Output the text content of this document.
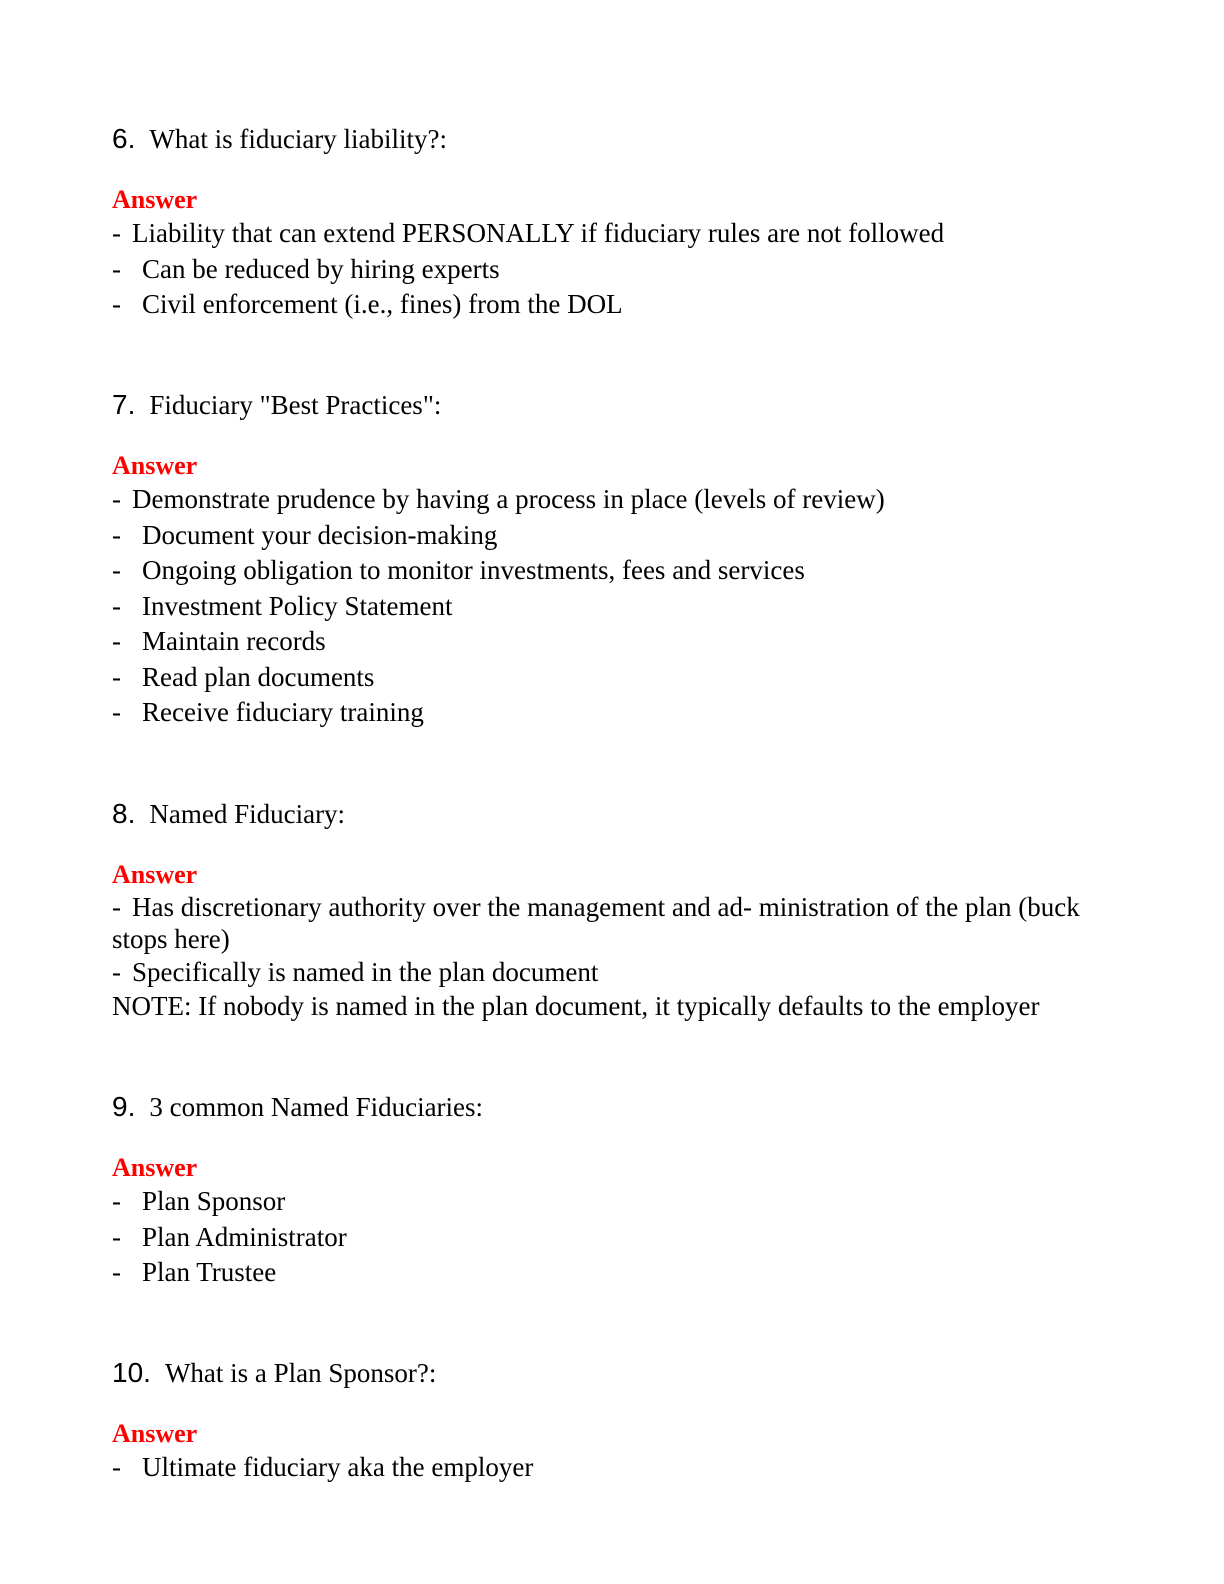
6. What is fiduciary liability?:
Answer
- Liability that can extend PERSONALLY if fiduciary rules are not followed
- Can be reduced by hiring experts
- Civil enforcement (i.e., fines) from the DOL
7. Fiduciary "Best Practices":
Answer
- Demonstrate prudence by having a process in place (levels of review)
- Document your decision-making
- Ongoing obligation to monitor investments, fees and services
- Investment Policy Statement
- Maintain records
- Read plan documents
- Receive fiduciary training
8. Named Fiduciary:
Answer
- Has discretionary authority over the management and ad- ministration of the plan (buck stops here)
- Specifically is named in the plan document
NOTE: If nobody is named in the plan document, it typically defaults to the employer
9. 3 common Named Fiduciaries:
Answer
- Plan Sponsor
- Plan Administrator
- Plan Trustee
10. What is a Plan Sponsor?:
Answer
- Ultimate fiduciary aka the employer
